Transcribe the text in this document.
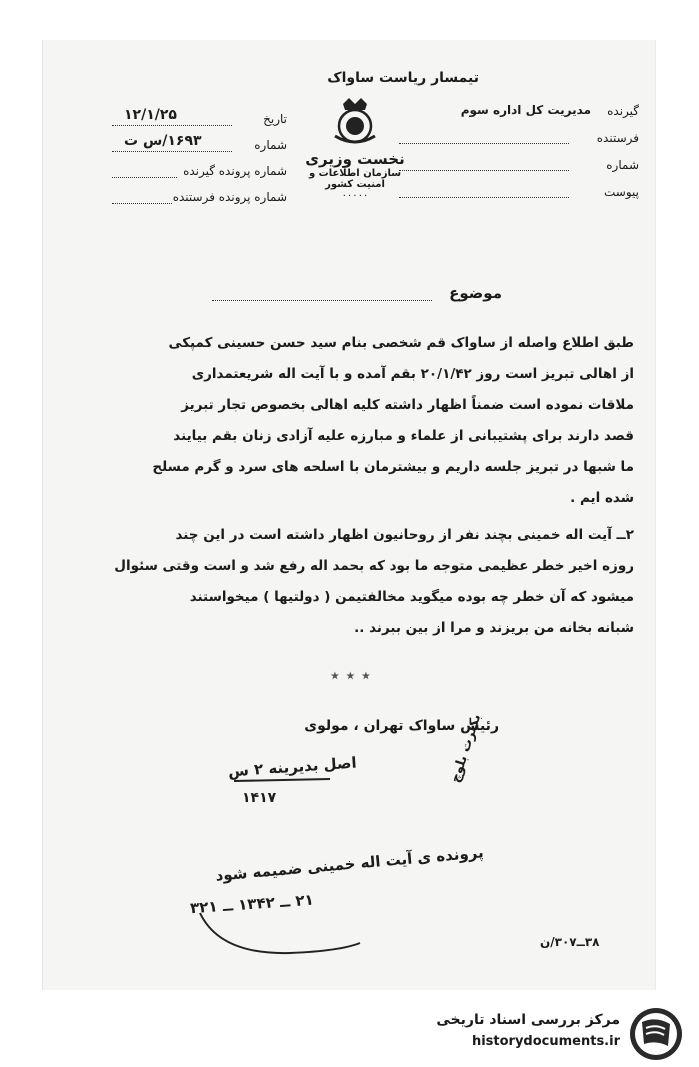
تیمسار ریاست ساواک
گیرنده
مدیریت کل اداره سوم
فرستنده
شماره
پیوست
تاریخ
۱۲/۱/۲۵
شماره
۱۶۹۳/س ت
شماره پرونده گیرنده
شماره پرونده فرستنده
نخست وزیری
سازمان اطلاعات و امنیت کشور
۰۰۰۰۰
موضوع

طبق اطلاع واصله از ساواک قم شخصی بنام سید حسن حسینی کمپکی

از اهالی تبریز است روز ۲۰/۱/۴۲ بقم آمده و با آیت اله شریعتمداری

ملاقات نموده است ضمناً اظهار داشته کلیه اهالی بخصوص تجار تبریز

قصد دارند برای پشتیبانی از علماء و مبارزه علیه آزادی زنان بقم بیایند

ما شبها در تبریز جلسه داریم و بیشترمان با اسلحه های سرد و گرم مسلح

شده ایم .

۲ــ آیت اله خمینی بچند نفر از روحانیون اظهار داشته است در این چند

روزه اخیر خطر عظیمی متوجه ما بود که بحمد اله رفع شد و است وقتی سئوال

میشود که آن خطر چه بوده میگوید مخالفتیمن ( دولتیها ) میخواستند

شبانه بخانه من بریزند و مرا از بین ببرند ..

٭ ٭ ٭
رئیس ساواک تهران ، مولوی
اصل بدیرینه ۲ س
۱۴۱۷
بکثرت بلوچ
پرونده ی آیت اله خمینی ضمیمه شود
۲۱ ــ ۱۳۴۲ ــ ۳۲۱
۳۸ــ۳۰۷/ن
مرکز بررسی اسناد تاریخی
historydocuments.ir
